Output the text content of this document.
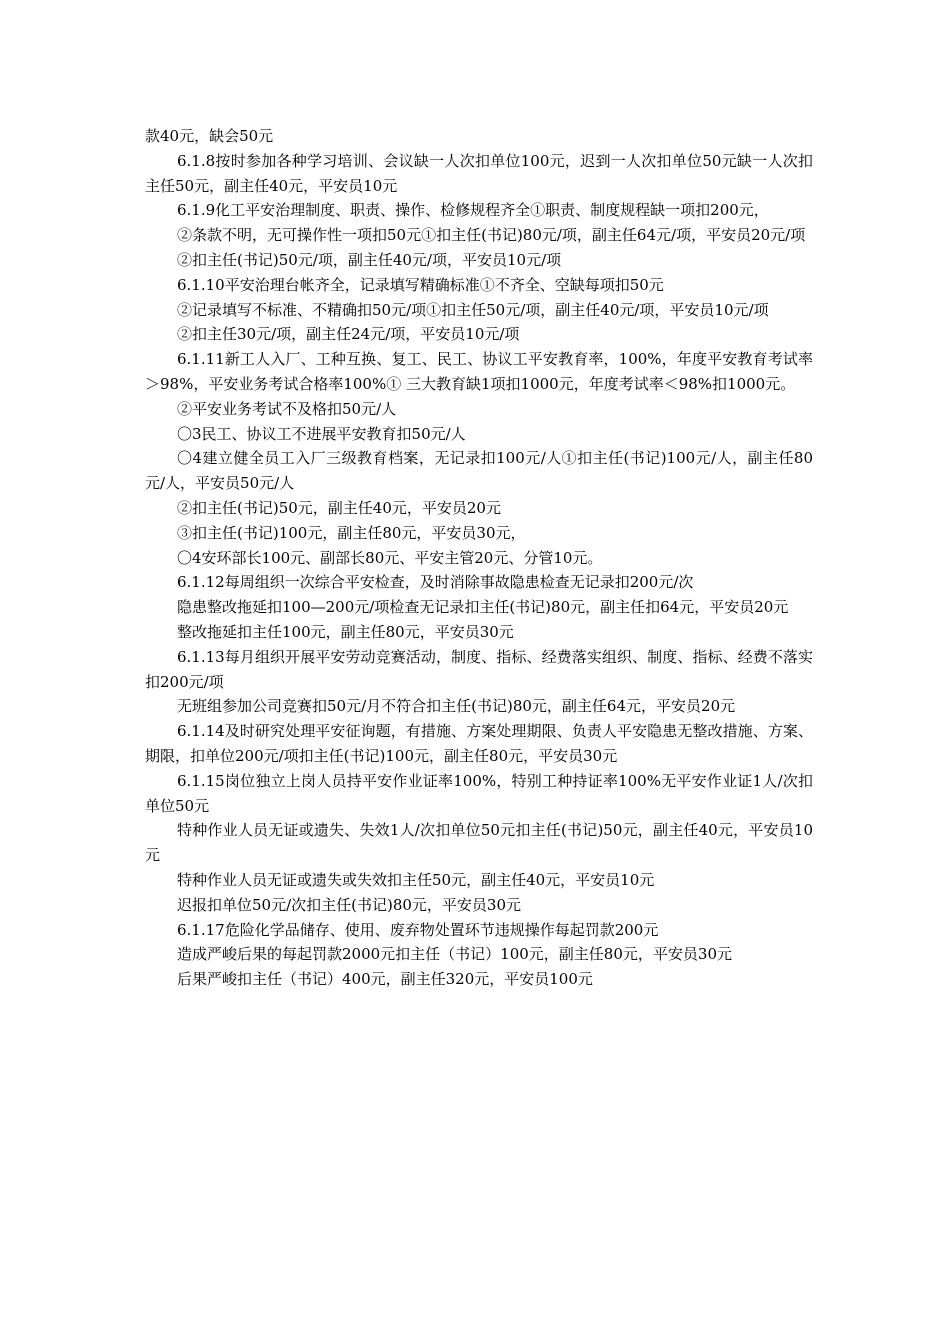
款40元，缺会50元

6.1.8按时参加各种学习培训、会议缺一人次扣单位100元，迟到一人次扣单位50元缺一人次扣主任50元，副主任40元，平安员10元

6.1.9化工平安治理制度、职责、操作、检修规程齐全①职责、制度规程缺一项扣200元，

②条款不明，无可操作性一项扣50元①扣主任(书记)80元/项，副主任64元/项，平安员20元/项

②扣主任(书记)50元/项，副主任40元/项，平安员10元/项

6.1.10平安治理台帐齐全，记录填写精确标准①不齐全、空缺每项扣50元

②记录填写不标准、不精确扣50元/项①扣主任50元/项，副主任40元/项，平安员10元/项

②扣主任30元/项，副主任24元/项，平安员10元/项

6.1.11新工人入厂、工种互换、复工、民工、协议工平安教育率，100%，年度平安教育考试率＞98%，平安业务考试合格率100%① 三大教育缺1项扣1000元，年度考试率＜98%扣1000元。

②平安业务考试不及格扣50元/人

〇3民工、协议工不进展平安教育扣50元/人

〇4建立健全员工入厂三级教育档案，无记录扣100元/人①扣主任(书记)100元/人，副主任80元/人，平安员50元/人

②扣主任(书记)50元，副主任40元，平安员20元

③扣主任(书记)100元，副主任80元，平安员30元，

〇4安环部长100元、副部长80元、平安主管20元、分管10元。

6.1.12每周组织一次综合平安检查，及时消除事故隐患检查无记录扣200元/次

隐患整改拖延扣100—200元/项检查无记录扣主任(书记)80元，副主任扣64元，平安员20元

整改拖延扣主任100元，副主任80元，平安员30元

6.1.13每月组织开展平安劳动竞赛活动，制度、指标、经费落实组织、制度、指标、经费不落实扣200元/项

无班组参加公司竞赛扣50元/月不符合扣主任(书记)80元，副主任64元，平安员20元

6.1.14及时研究处理平安征询题，有措施、方案处理期限、负责人平安隐患无整改措施、方案、期限，扣单位200元/项扣主任(书记)100元，副主任80元，平安员30元

6.1.15岗位独立上岗人员持平安作业证率100%，特别工种持证率100%无平安作业证1人/次扣单位50元

特种作业人员无证或遗失、失效1人/次扣单位50元扣主任(书记)50元，副主任40元，平安员10元

特种作业人员无证或遗失或失效扣主任50元，副主任40元，平安员10元

迟报扣单位50元/次扣主任(书记)80元，平安员30元

6.1.17危险化学品储存、使用、废弃物处置环节违规操作每起罚款200元

造成严峻后果的每起罚款2000元扣主任（书记）100元，副主任80元，平安员30元

后果严峻扣主任（书记）400元，副主任320元，平安员100元
